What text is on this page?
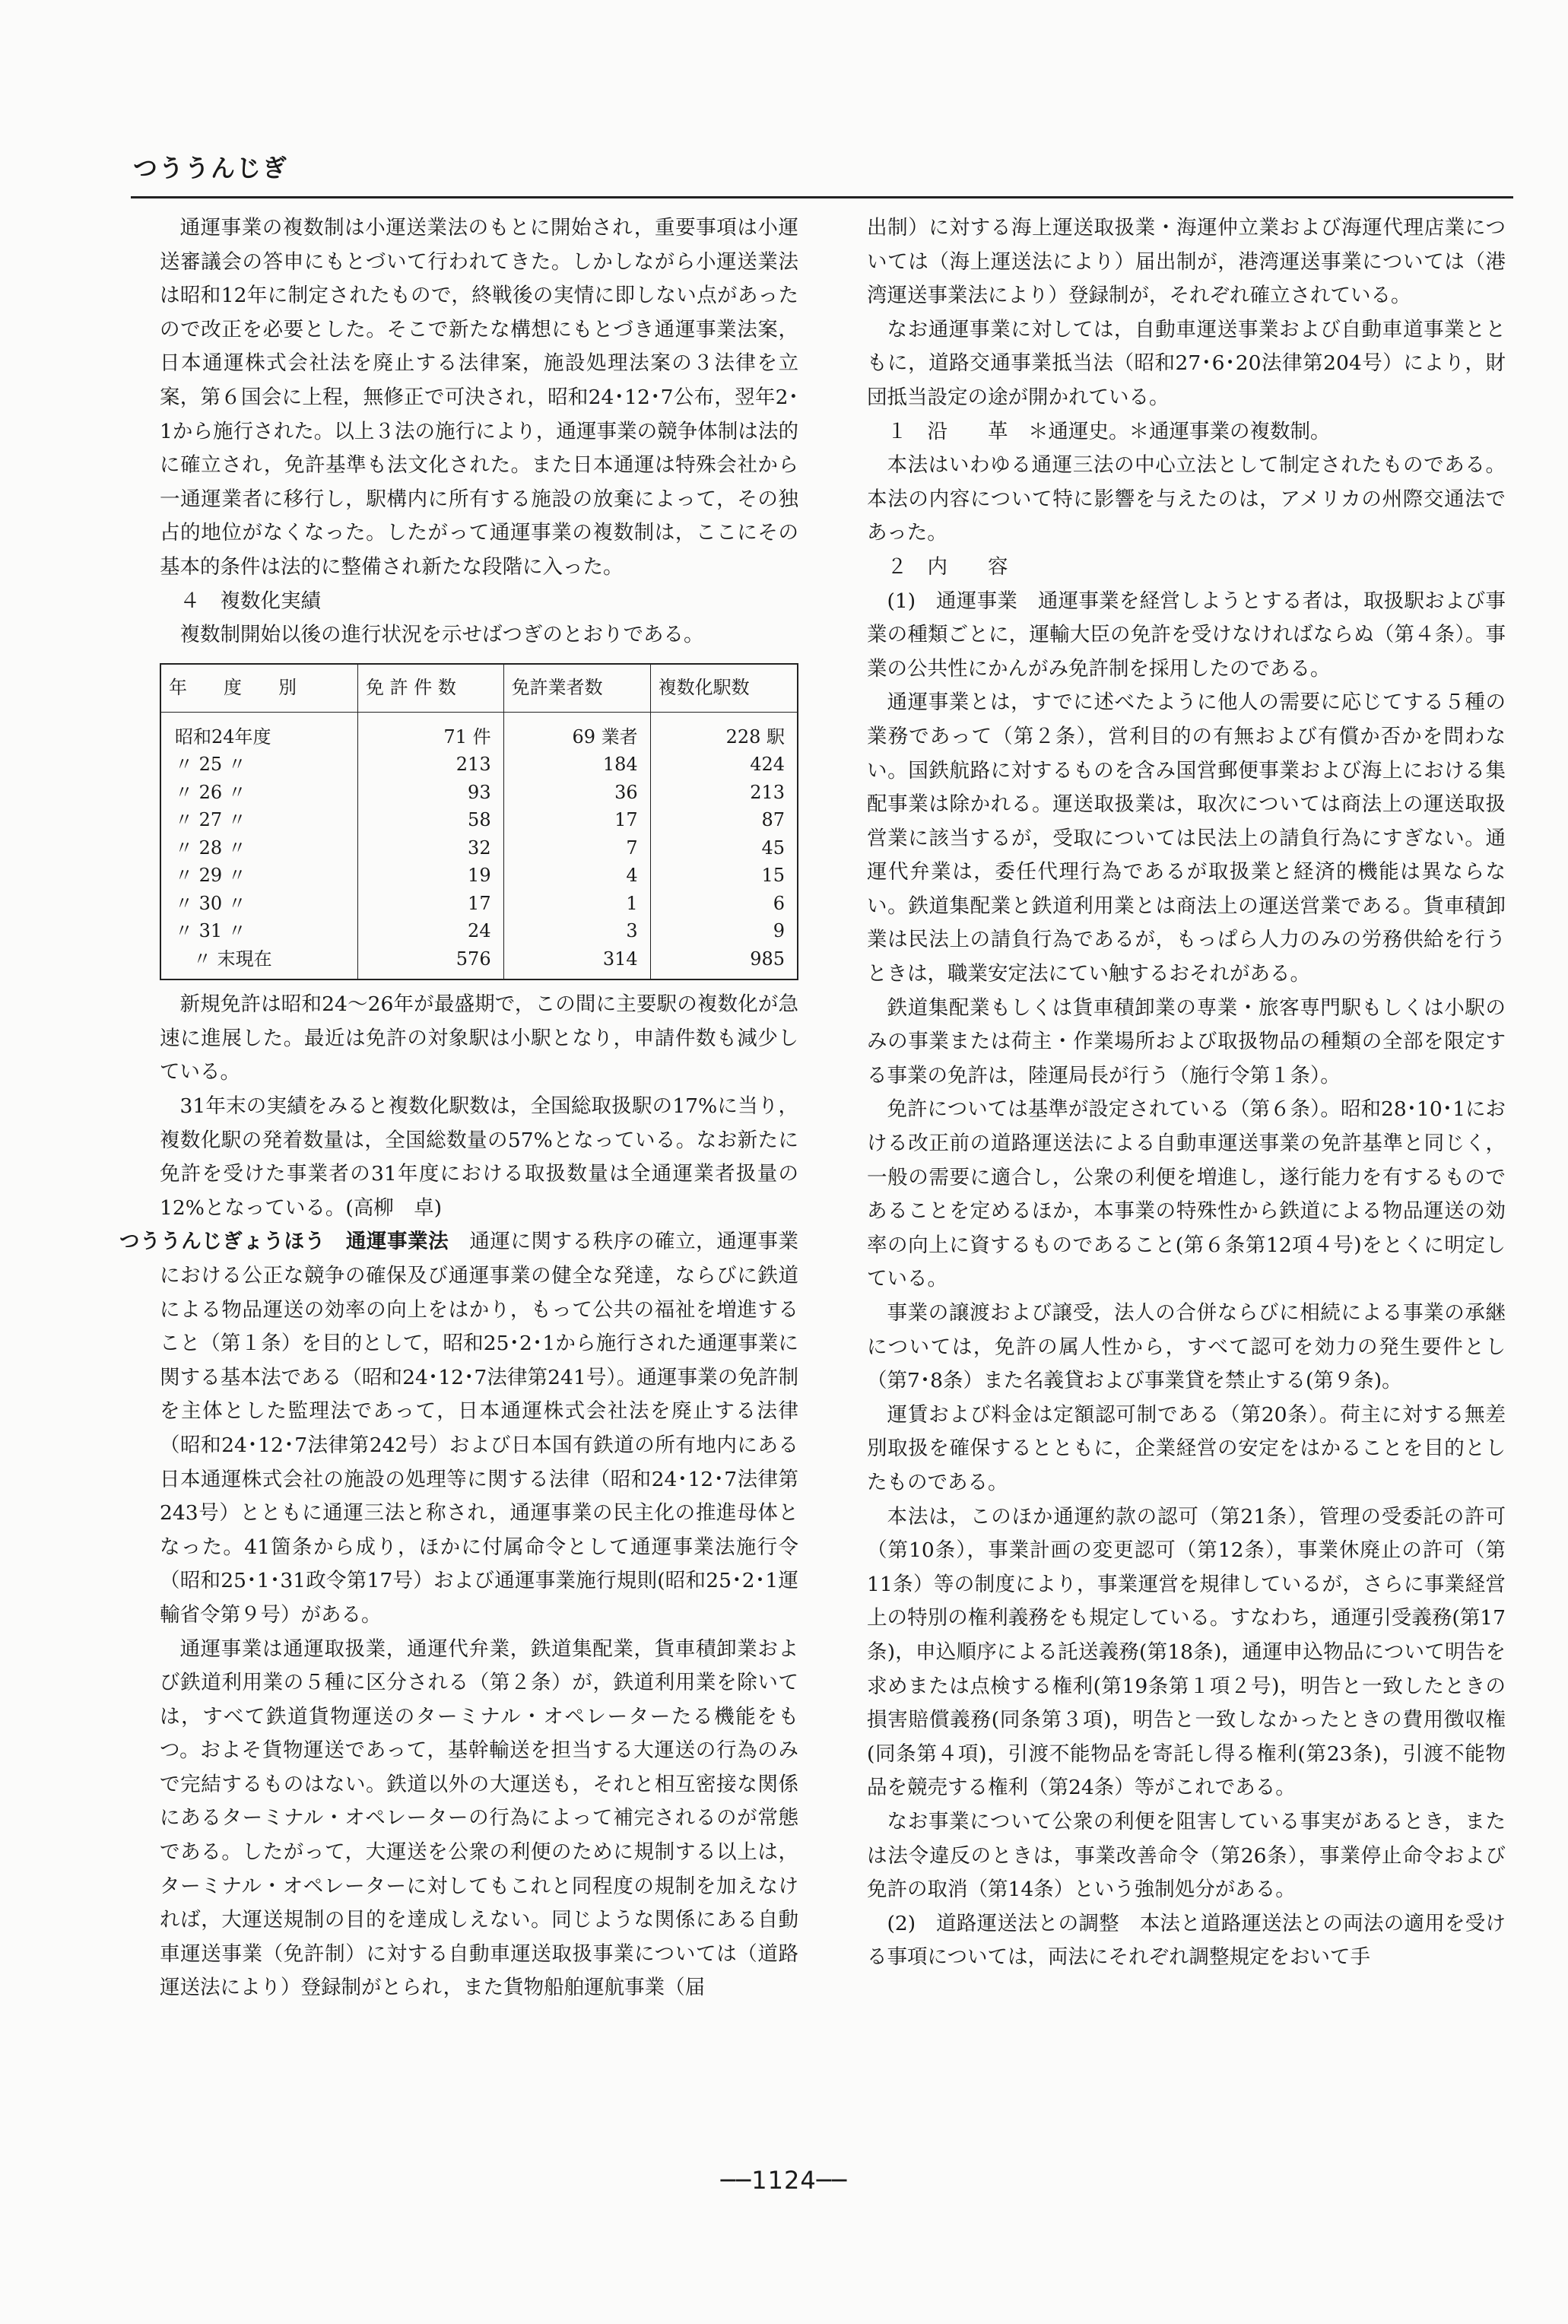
つううんじぎ

通運事業の複数制は小運送業法のもとに開始され，重要事項は小運送審議会の答申にもとづいて行われてきた。しかしながら小運送業法は昭和12年に制定されたもので，終戦後の実情に即しない点があったので改正を必要とした。そこで新たな構想にもとづき通運事業法案，日本通運株式会社法を廃止する法律案，施設処理法案の３法律を立案，第６国会に上程，無修正で可決され，昭和24･12･7公布，翌年2･1から施行された。以上３法の施行により，通運事業の競争体制は法的に確立され，免許基準も法文化された。また日本通運は特殊会社から一通運業者に移行し，駅構内に所有する施設の放棄によって，その独占的地位がなくなった。したがって通運事業の複数制は，ここにその基本的条件は法的に整備され新たな段階に入った。

４　複数化実績

複数制開始以後の進行状況を示せばつぎのとおりである。

年　　度　　別	免 許 件 数	免許業者数	複数化駅数
昭和24年度	71 件	69 業者	228 駅
〃 25 〃	213	184	424
〃 26 〃	93	36	213
〃 27 〃	58	17	87
〃 28 〃	32	7	45
〃 29 〃	19	4	15
〃 30 〃	17	1	6
〃 31 〃	24	3	9
　〃 末現在	576	314	985

新規免許は昭和24～26年が最盛期で，この間に主要駅の複数化が急速に進展した。最近は免許の対象駅は小駅となり，申請件数も減少している。

31年末の実績をみると複数化駅数は，全国総取扱駅の17%に当り，複数化駅の発着数量は，全国総数量の57%となっている。なお新たに免許を受けた事業者の31年度における取扱数量は全通運業者扱量の12%となっている。(高柳　卓)

つううんじぎょうほう　通運事業法　 通運に関する秩序の確立，通運事業における公正な競争の確保及び通運事業の健全な発達，ならびに鉄道による物品運送の効率の向上をはかり，もって公共の福祉を増進すること（第１条）を目的として，昭和25･2･1から施行された通運事業に関する基本法である（昭和24･12･7法律第241号）。通運事業の免許制を主体とした監理法であって，日本通運株式会社法を廃止する法律（昭和24･12･7法律第242号）および日本国有鉄道の所有地内にある日本通運株式会社の施設の処理等に関する法律（昭和24･12･7法律第243号）とともに通運三法と称され，通運事業の民主化の推進母体となった。41箇条から成り，ほかに付属命令として通運事業法施行令（昭和25･1･31政令第17号）および通運事業施行規則(昭和25･2･1運輸省令第９号）がある。

通運事業は通運取扱業，通運代弁業，鉄道集配業，貨車積卸業および鉄道利用業の５種に区分される（第２条）が，鉄道利用業を除いては，すべて鉄道貨物運送のターミナル・オペレーターたる機能をもつ。およそ貨物運送であって，基幹輸送を担当する大運送の行為のみで完結するものはない。鉄道以外の大運送も，それと相互密接な関係にあるターミナル・オペレーターの行為によって補完されるのが常態である。したがって，大運送を公衆の利便のために規制する以上は，ターミナル・オペレーターに対してもこれと同程度の規制を加えなければ，大運送規制の目的を達成しえない。同じような関係にある自動車運送事業（免許制）に対する自動車運送取扱事業については（道路運送法により）登録制がとられ，また貨物船舶運航事業（届

出制）に対する海上運送取扱業・海運仲立業および海運代理店業については（海上運送法により）届出制が，港湾運送事業については（港湾運送事業法により）登録制が，それぞれ確立されている。

なお通運事業に対しては，自動車運送事業および自動車道事業とともに，道路交通事業抵当法（昭和27･6･20法律第204号）により，財団抵当設定の途が開かれている。

１　沿　　革　＊通運史。＊通運事業の複数制。

本法はいわゆる通運三法の中心立法として制定されたものである。本法の内容について特に影響を与えたのは，アメリカの州際交通法であった。

２　内　　容

(1)　通運事業　通運事業を経営しようとする者は，取扱駅および事業の種類ごとに，運輸大臣の免許を受けなければならぬ（第４条）。事業の公共性にかんがみ免許制を採用したのである。

通運事業とは，すでに述べたように他人の需要に応じてする５種の業務であって（第２条），営利目的の有無および有償か否かを問わない。国鉄航路に対するものを含み国営郵便事業および海上における集配事業は除かれる。運送取扱業は，取次については商法上の運送取扱営業に該当するが，受取については民法上の請負行為にすぎない。通運代弁業は，委任代理行為であるが取扱業と経済的機能は異ならない。鉄道集配業と鉄道利用業とは商法上の運送営業である。貨車積卸業は民法上の請負行為であるが，もっぱら人力のみの労務供給を行うときは，職業安定法にてい触するおそれがある。

鉄道集配業もしくは貨車積卸業の専業・旅客専門駅もしくは小駅のみの事業または荷主・作業場所および取扱物品の種類の全部を限定する事業の免許は，陸運局長が行う（施行令第１条）。

免許については基準が設定されている（第６条）。昭和28･10･1における改正前の道路運送法による自動車運送事業の免許基準と同じく，一般の需要に適合し，公衆の利便を増進し，遂行能力を有するものであることを定めるほか，本事業の特殊性から鉄道による物品運送の効率の向上に資するものであること(第６条第12項４号)をとくに明定している。

事業の譲渡および譲受，法人の合併ならびに相続による事業の承継については，免許の属人性から，すべて認可を効力の発生要件とし（第7･8条）また名義貸および事業貸を禁止する(第９条)。

運賃および料金は定額認可制である（第20条）。荷主に対する無差別取扱を確保するとともに，企業経営の安定をはかることを目的としたものである。

本法は，このほか通運約款の認可（第21条），管理の受委託の許可（第10条），事業計画の変更認可（第12条），事業休廃止の許可（第11条）等の制度により，事業運営を規律しているが，さらに事業経営上の特別の権利義務をも規定している。すなわち，通運引受義務(第17条)，申込順序による託送義務(第18条)，通運申込物品について明告を求めまたは点検する権利(第19条第１項２号)，明告と一致したときの損害賠償義務(同条第３項)，明告と一致しなかったときの費用徴収権(同条第４項)，引渡不能物品を寄託し得る権利(第23条)，引渡不能物品を競売する権利（第24条）等がこれである。

なお事業について公衆の利便を阻害している事実があるとき，または法令違反のときは，事業改善命令（第26条），事業停止命令および免許の取消（第14条）という強制処分がある。

(2)　道路運送法との調整　本法と道路運送法との両法の適用を受ける事項については，両法にそれぞれ調整規定をおいて手

──1124──
